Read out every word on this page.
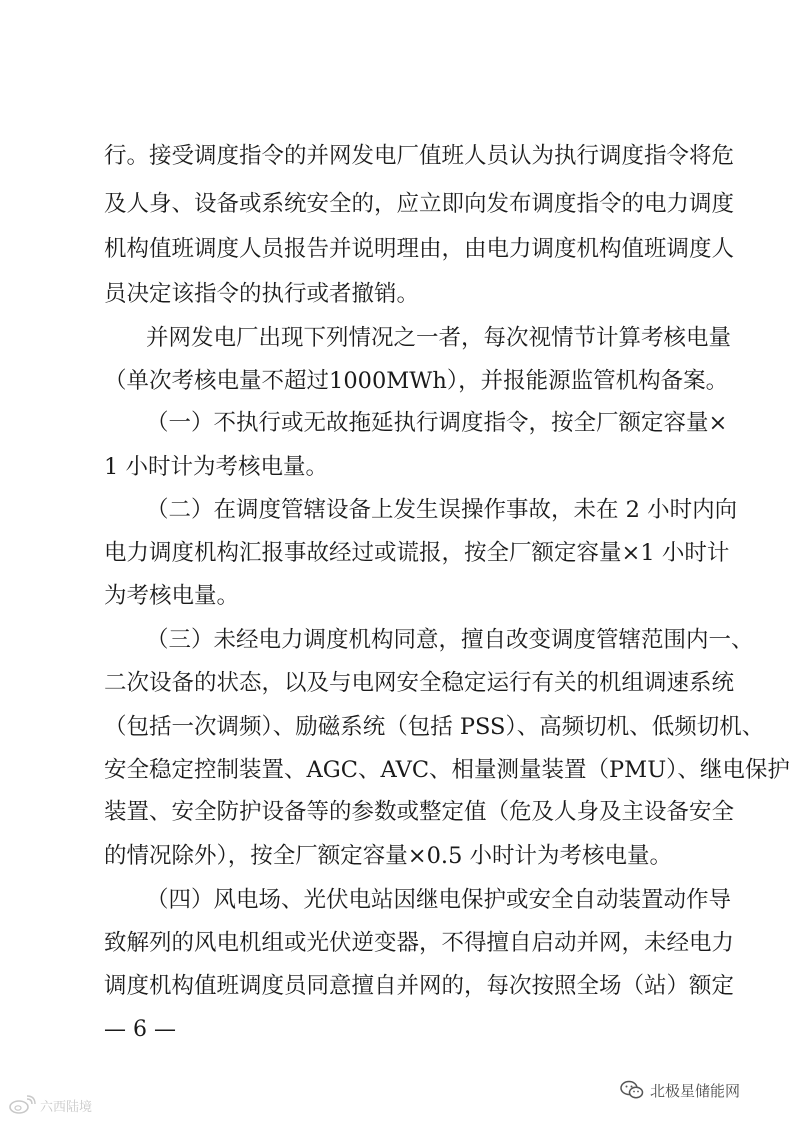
行。接受调度指令的并网发电厂值班人员认为执行调度指令将危
及人身、设备或系统安全的，应立即向发布调度指令的电力调度
机构值班调度人员报告并说明理由，由电力调度机构值班调度人
员决定该指令的执行或者撤销。
并网发电厂出现下列情况之一者，每次视情节计算考核电量
（单次考核电量不超过1000MWh），并报能源监管机构备案。
（一）不执行或无故拖延执行调度指令，按全厂额定容量×
1 小时计为考核电量。
（二）在调度管辖设备上发生误操作事故，未在 2 小时内向
电力调度机构汇报事故经过或谎报，按全厂额定容量×1 小时计
为考核电量。
（三）未经电力调度机构同意，擅自改变调度管辖范围内一、
二次设备的状态，以及与电网安全稳定运行有关的机组调速系统
（包括一次调频）、励磁系统（包括 PSS）、高频切机、低频切机、
安全稳定控制装置、AGC、AVC、相量测量装置（PMU）、继电保护
装置、安全防护设备等的参数或整定值（危及人身及主设备安全
的情况除外），按全厂额定容量×0.5 小时计为考核电量。
（四）风电场、光伏电站因继电保护或安全自动装置动作导
致解列的风电机组或光伏逆变器，不得擅自启动并网，未经电力
调度机构值班调度员同意擅自并网的，每次按照全场（站）额定
— 6 —
六西陆境
北极星储能网
